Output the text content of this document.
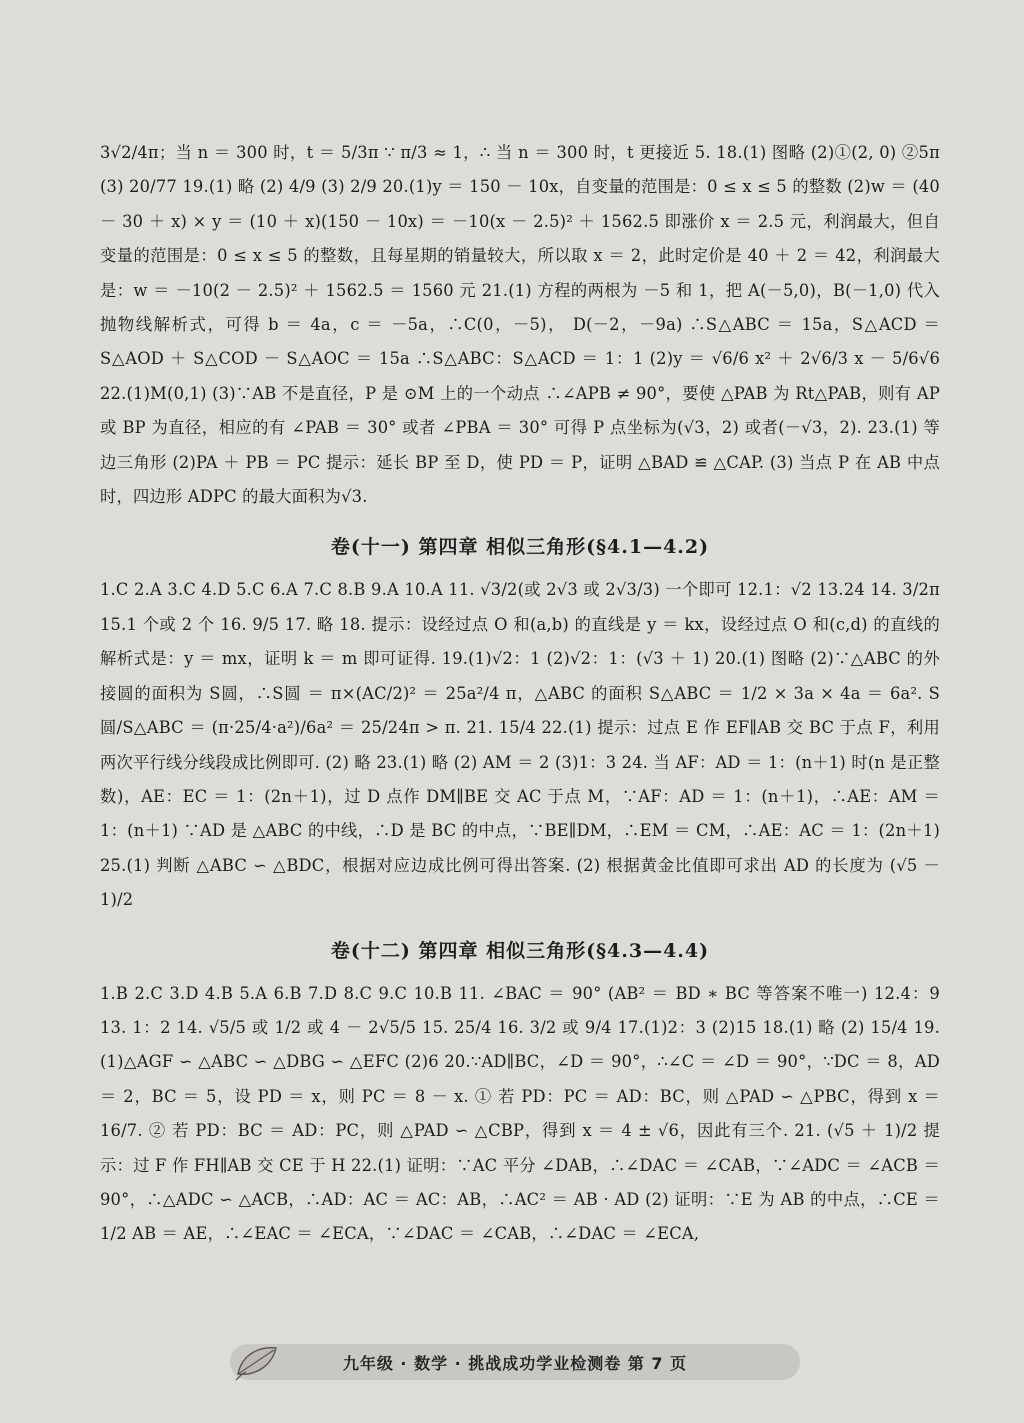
3√2/4π；当 n ＝ 300 时，t ＝ 5/3π ∵ π/3 ≈ 1，∴ 当 n ＝ 300 时，t 更接近 5. 18.(1) 图略 (2)①(2, 0) ②5π (3) 20/77 19.(1) 略 (2) 4/9 (3) 2/9 20.(1)y ＝ 150 － 10x，自变量的范围是：0 ≤ x ≤ 5 的整数 (2)w ＝ (40 － 30 ＋ x) × y ＝ (10 ＋ x)(150 － 10x) ＝ －10(x － 2.5)² ＋ 1562.5 即涨价 x ＝ 2.5 元，利润最大，但自变量的范围是：0 ≤ x ≤ 5 的整数，且每星期的销量较大，所以取 x ＝ 2，此时定价是 40 ＋ 2 ＝ 42，利润最大是：w ＝ －10(2 － 2.5)² ＋ 1562.5 ＝ 1560 元 21.(1) 方程的两根为 －5 和 1，把 A(－5,0)，B(－1,0) 代入抛物线解析式，可得 b ＝ 4a，c ＝ －5a，∴C(0，－5)， D(－2，－9a) ∴S△ABC ＝ 15a，S△ACD ＝ S△AOD ＋ S△COD － S△AOC ＝ 15a ∴S△ABC：S△ACD ＝ 1：1 (2)y ＝ √6/6 x² ＋ 2√6/3 x － 5/6√6 22.(1)M(0,1) (3)∵AB 不是直径，P 是 ⊙M 上的一个动点 ∴∠APB ≠ 90°，要使 △PAB 为 Rt△PAB，则有 AP 或 BP 为直径，相应的有 ∠PAB ＝ 30° 或者 ∠PBA ＝ 30° 可得 P 点坐标为(√3，2) 或者(－√3，2). 23.(1) 等边三角形 (2)PA ＋ PB ＝ PC 提示：延长 BP 至 D，使 PD ＝ P，证明 △BAD ≌ △CAP. (3) 当点 P 在 AB 中点时，四边形 ADPC 的最大面积为√3.

卷(十一) 第四章 相似三角形(§4.1—4.2)

1.C 2.A 3.C 4.D 5.C 6.A 7.C 8.B 9.A 10.A 11. √3/2(或 2√3 或 2√3/3) 一个即可 12.1：√2 13.24 14. 3/2π 15.1 个或 2 个 16. 9/5 17. 略 18. 提示：设经过点 O 和(a,b) 的直线是 y ＝ kx，设经过点 O 和(c,d) 的直线的解析式是：y ＝ mx，证明 k ＝ m 即可证得. 19.(1)√2：1 (2)√2：1：(√3 ＋ 1) 20.(1) 图略 (2)∵△ABC 的外接圆的面积为 S圆，∴S圆 ＝ π×(AC/2)² ＝ 25a²/4 π，△ABC 的面积 S△ABC ＝ 1/2 × 3a × 4a ＝ 6a². S圆/S△ABC ＝ (π·25/4·a²)/6a² ＝ 25/24π > π. 21. 15/4 22.(1) 提示：过点 E 作 EF∥AB 交 BC 于点 F，利用两次平行线分线段成比例即可. (2) 略 23.(1) 略 (2) AM ＝ 2 (3)1：3 24. 当 AF：AD ＝ 1：(n＋1) 时(n 是正整数)，AE：EC ＝ 1：(2n＋1)，过 D 点作 DM∥BE 交 AC 于点 M，∵AF：AD ＝ 1：(n＋1)，∴AE：AM ＝ 1：(n＋1) ∵AD 是 △ABC 的中线，∴D 是 BC 的中点，∵BE∥DM，∴EM ＝ CM，∴AE：AC ＝ 1：(2n＋1) 25.(1) 判断 △ABC ∽ △BDC，根据对应边成比例可得出答案. (2) 根据黄金比值即可求出 AD 的长度为 (√5 － 1)/2

卷(十二) 第四章 相似三角形(§4.3—4.4)

1.B 2.C 3.D 4.B 5.A 6.B 7.D 8.C 9.C 10.B 11. ∠BAC ＝ 90° (AB² ＝ BD ∗ BC 等答案不唯一) 12.4：9 13. 1：2 14. √5/5 或 1/2 或 4 － 2√5/5 15. 25/4 16. 3/2 或 9/4 17.(1)2：3 (2)15 18.(1) 略 (2) 15/4 19.(1)△AGF ∽ △ABC ∽ △DBG ∽ △EFC (2)6 20.∵AD∥BC，∠D ＝ 90°，∴∠C ＝ ∠D ＝ 90°，∵DC ＝ 8，AD ＝ 2，BC ＝ 5，设 PD ＝ x，则 PC ＝ 8 － x. ① 若 PD：PC ＝ AD：BC，则 △PAD ∽ △PBC，得到 x ＝ 16/7. ② 若 PD：BC ＝ AD：PC，则 △PAD ∽ △CBP，得到 x ＝ 4 ± √6，因此有三个. 21. (√5 ＋ 1)/2 提示：过 F 作 FH∥AB 交 CE 于 H 22.(1) 证明：∵AC 平分 ∠DAB，∴∠DAC ＝ ∠CAB，∵∠ADC ＝ ∠ACB ＝ 90°，∴△ADC ∽ △ACB，∴AD：AC ＝ AC：AB，∴AC² ＝ AB · AD (2) 证明：∵E 为 AB 的中点，∴CE ＝ 1/2 AB ＝ AE，∴∠EAC ＝ ∠ECA，∵∠DAC ＝ ∠CAB，∴∠DAC ＝ ∠ECA,

九年级 · 数学 · 挑战成功学业检测卷 第 7 页
